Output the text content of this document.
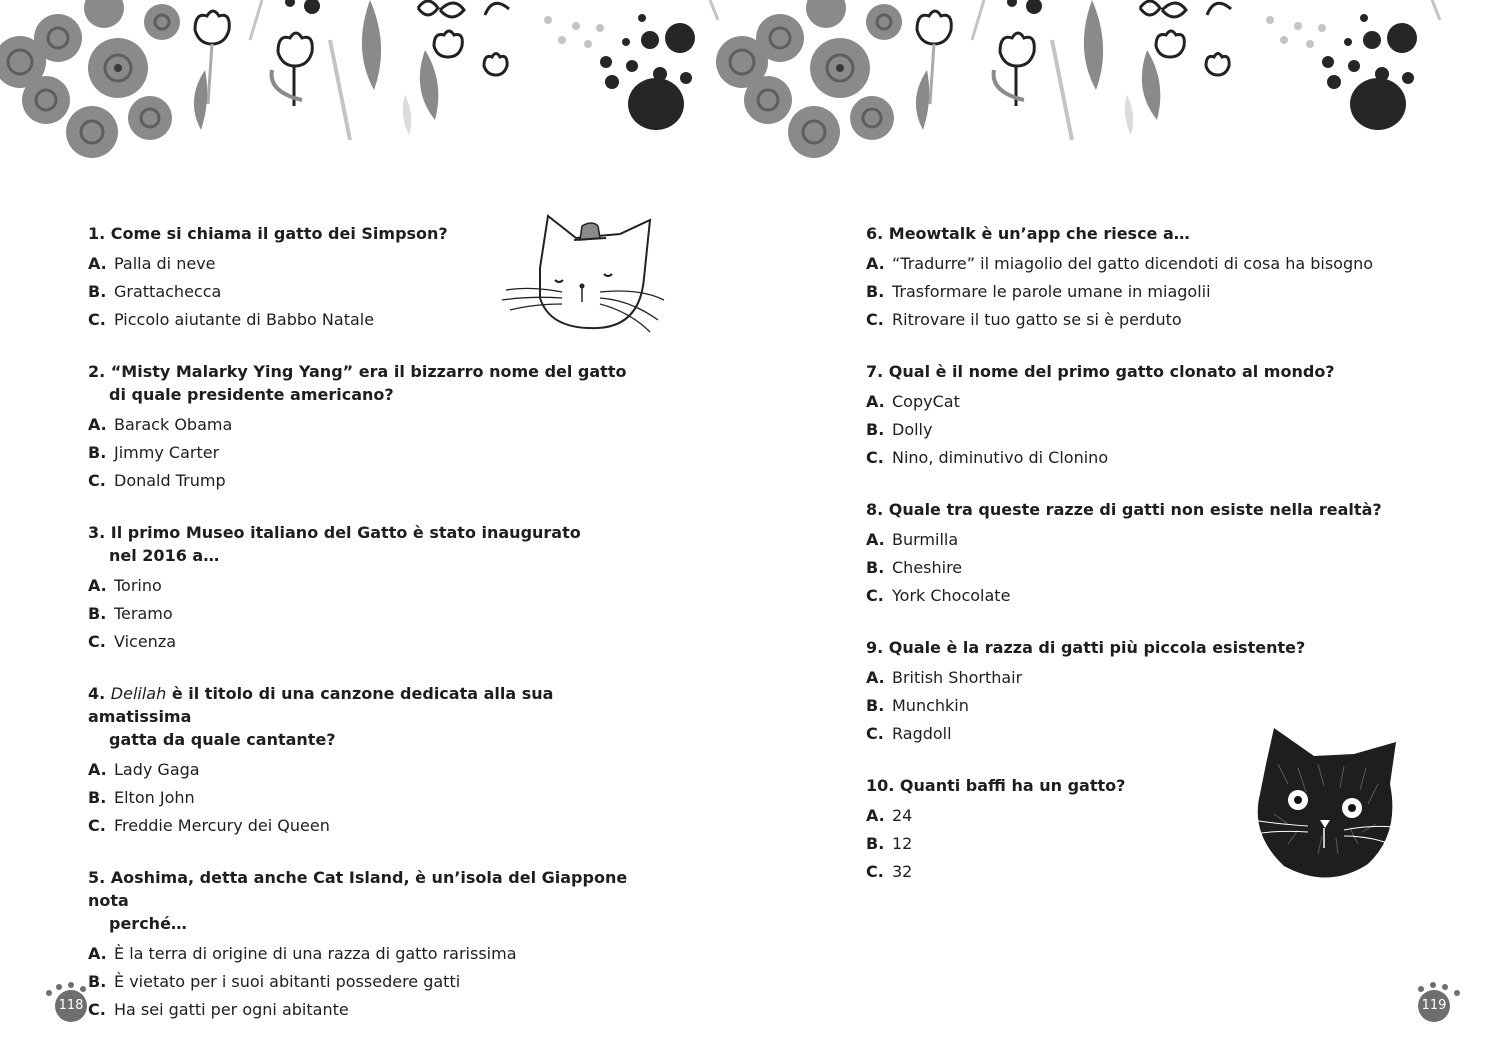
1. Come si chiama il gatto dei Simpson?
A. Palla di neve
B. Grattachecca
C. Piccolo aiutante di Babbo Natale
2. “Misty Malarky Ying Yang” era il bizzarro nome del gatto
di quale presidente americano?
A. Barack Obama
B. Jimmy Carter
C. Donald Trump
3. Il primo Museo italiano del Gatto è stato inaugurato
nel 2016 a…
A. Torino
B. Teramo
C. Vicenza
4. Delilah è il titolo di una canzone dedicata alla sua amatissima
gatta da quale cantante?
A. Lady Gaga
B. Elton John
C. Freddie Mercury dei Queen
5. Aoshima, detta anche Cat Island, è un’isola del Giappone nota
perché…
A. È la terra di origine di una razza di gatto rarissima
B. È vietato per i suoi abitanti possedere gatti
C. Ha sei gatti per ogni abitante
6. Meowtalk è un’app che riesce a…
A. “Tradurre” il miagolio del gatto dicendoti di cosa ha bisogno
B. Trasformare le parole umane in miagolii
C. Ritrovare il tuo gatto se si è perduto
7. Qual è il nome del primo gatto clonato al mondo?
A. CopyCat
B. Dolly
C. Nino, diminutivo di Clonino
8. Quale tra queste razze di gatti non esiste nella realtà?
A. Burmilla
B. Cheshire
C. York Chocolate
9. Quale è la razza di gatti più piccola esistente?
A. British Shorthair
B. Munchkin
C. Ragdoll
10. Quanti baffi ha un gatto?
A. 24
B. 12
C. 32
118	119
